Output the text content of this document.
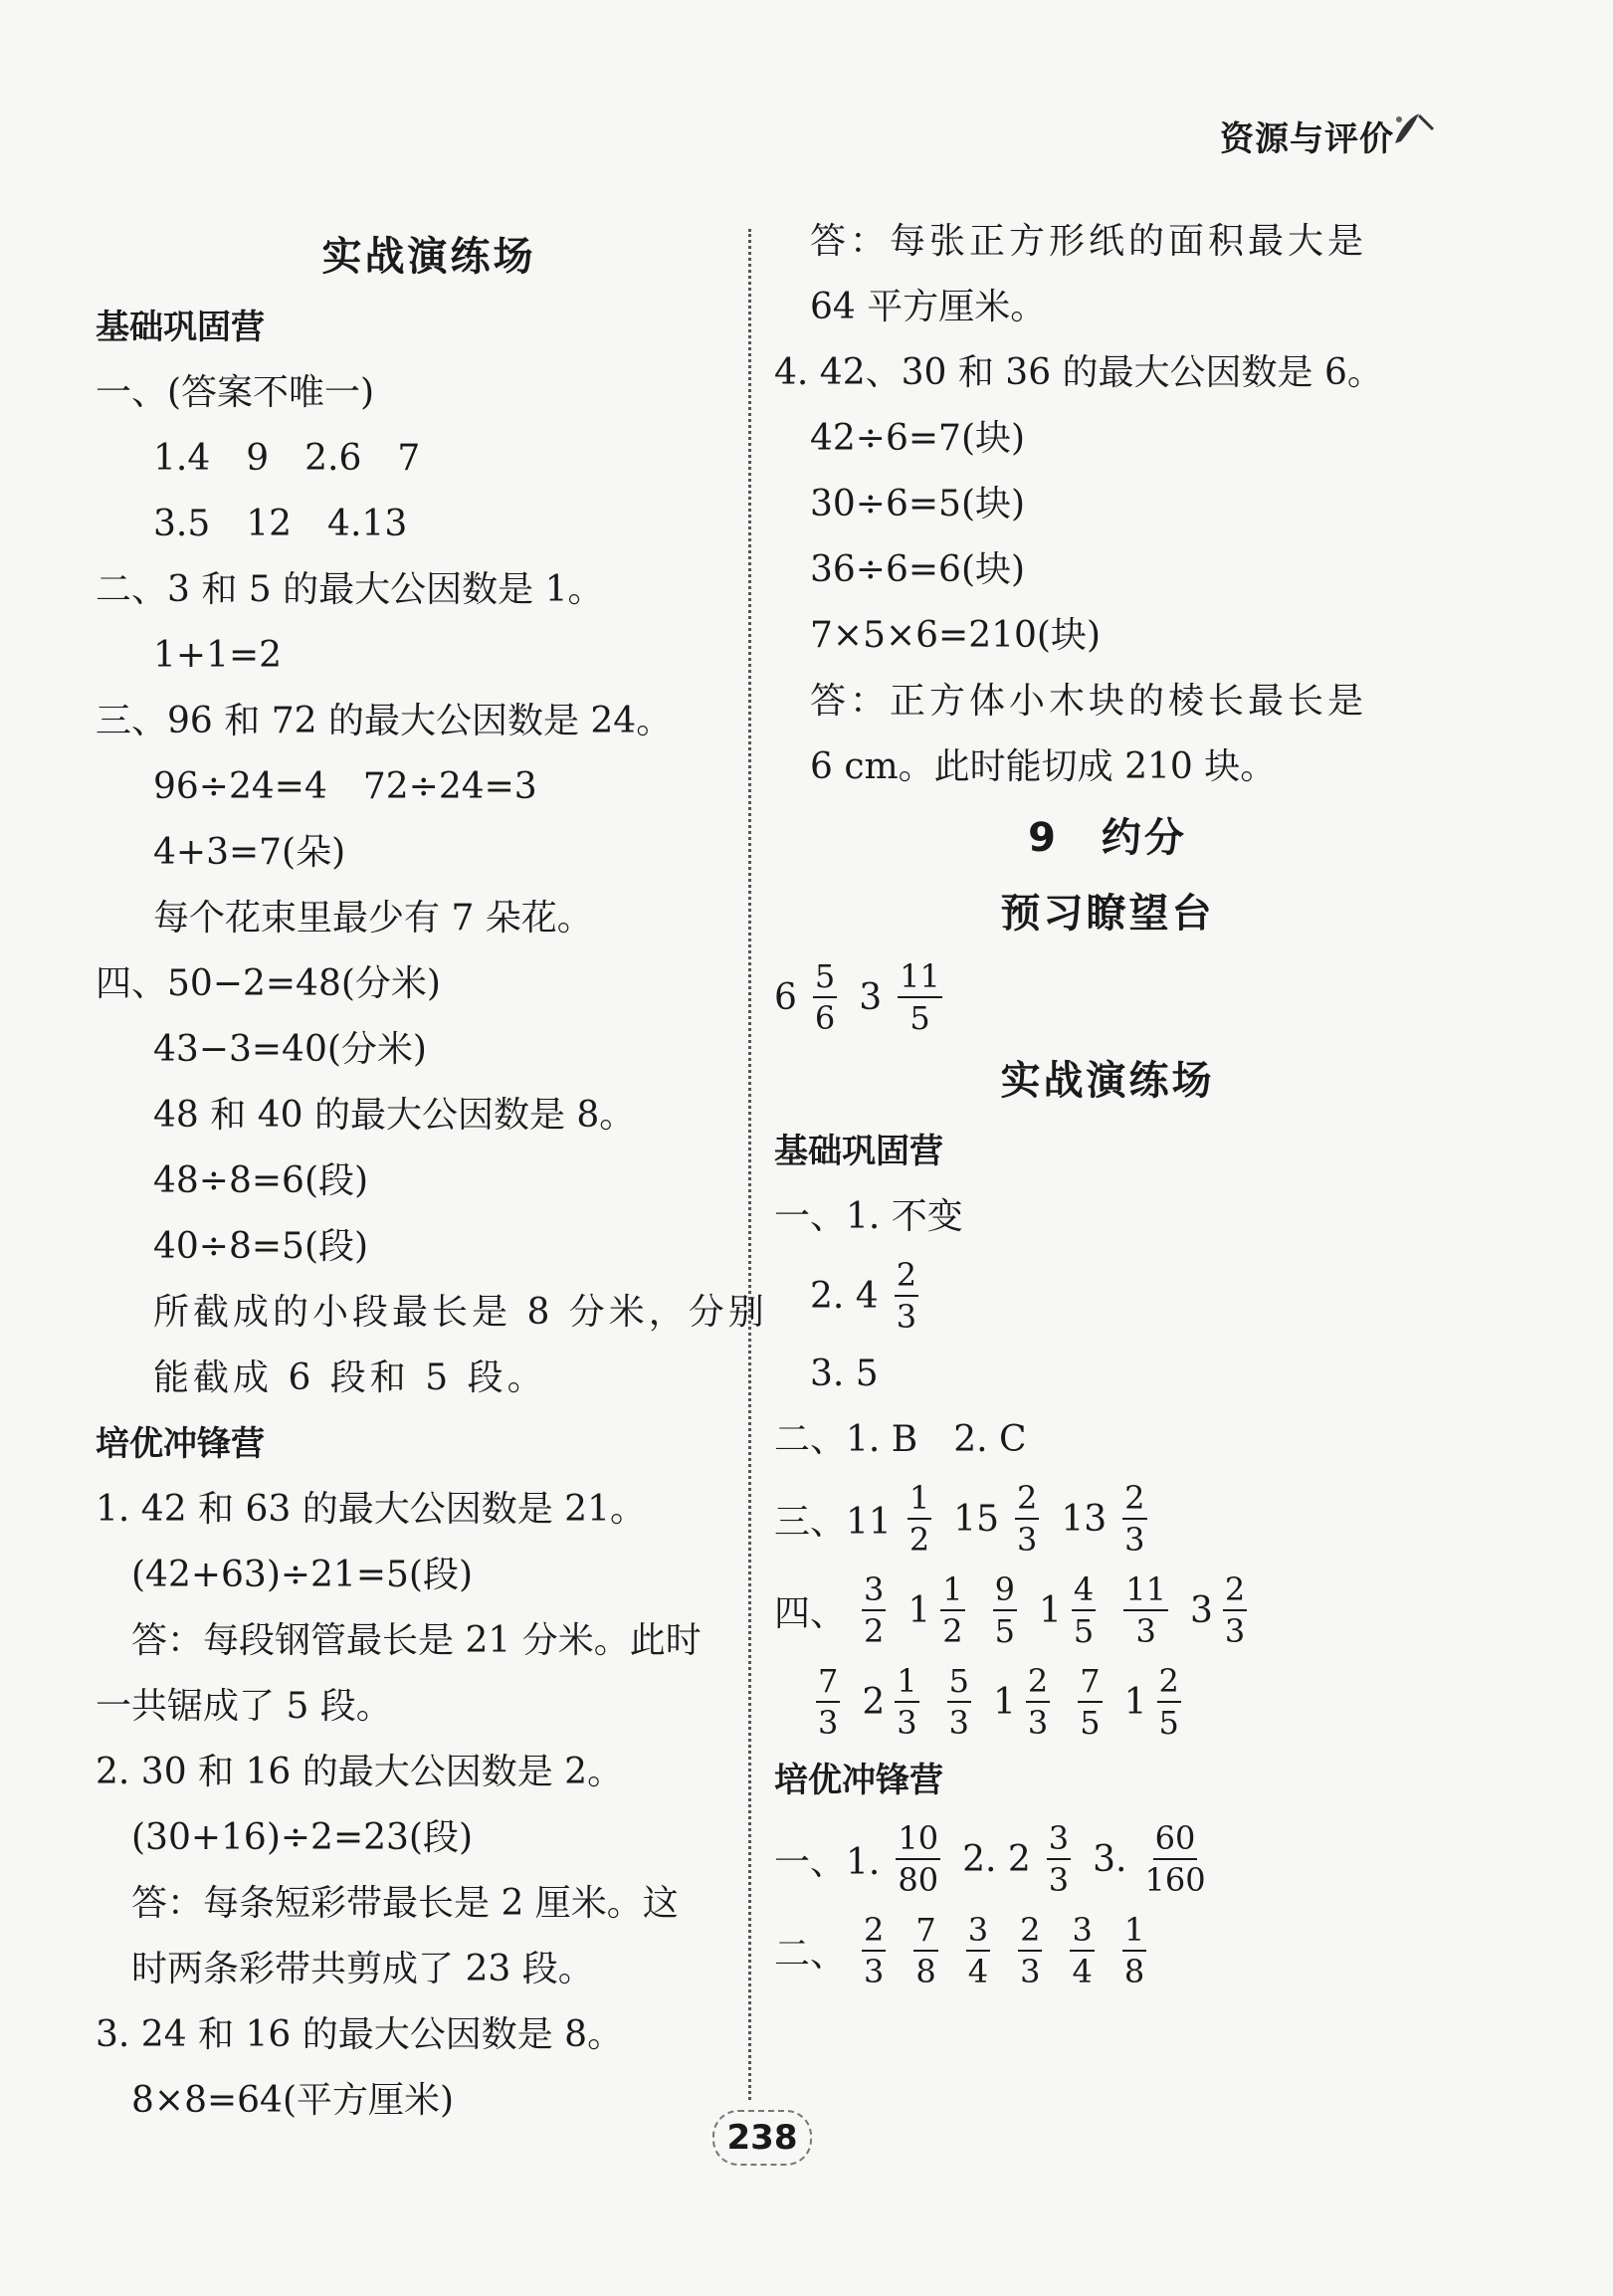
资源与评价
实战演练场
基础巩固营
一、(答案不唯一)
1.4　9　2.6　7
3.5　12　4.13
二、3 和 5 的最大公因数是 1。
1+1=2
三、96 和 72 的最大公因数是 24。
96÷24=4　72÷24=3
4+3=7(朵)
每个花束里最少有 7 朵花。
四、50−2=48(分米)
43−3=40(分米)
48 和 40 的最大公因数是 8。
48÷8=6(段)
40÷8=5(段)
所截成的小段最长是 8 分米，分别
能截成 6 段和 5 段。
培优冲锋营
1. 42 和 63 的最大公因数是 21。
(42+63)÷21=5(段)
答：每段钢管最长是 21 分米。此时
一共锯成了 5 段。
2. 30 和 16 的最大公因数是 2。
(30+16)÷2=23(段)
答：每条短彩带最长是 2 厘米。这
时两条彩带共剪成了 23 段。
3. 24 和 16 的最大公因数是 8。
8×8=64(平方厘米)
答：每张正方形纸的面积最大是
64 平方厘米。
4. 42、30 和 36 的最大公因数是 6。
42÷6=7(块)
30÷6=5(块)
36÷6=6(块)
7×5×6=210(块)
答：正方体小木块的棱长最长是
6 cm。此时能切成 210 块。
9　约分
预习瞭望台
$6 \frac{5}{6} 3 \frac{11}{5}$
实战演练场
基础巩固营
一、1. 不变
2. $4 \frac{2}{3}$
3. 5
二、1. B　2. C
三、$11 \frac{1}{2} 15 \frac{2}{3} 13 \frac{2}{3}$
四、 $\frac{3}{2} 1 \frac{1}{2} \frac{9}{5} 1 \frac{4}{5} \frac{11}{3} 3 \frac{2}{3}$
$\frac{7}{3} 2 \frac{1}{3} \frac{5}{3} 1 \frac{2}{3} \frac{7}{5} 1 \frac{2}{5}$
培优冲锋营
一、1. $\frac{10}{80} 2$. $2 \frac{3}{3} 3$. $\frac{60}{160}$
二、 $\frac{2}{3} \frac{7}{8} \frac{3}{4} \frac{2}{3} \frac{3}{4} \frac{1}{8}$
238
